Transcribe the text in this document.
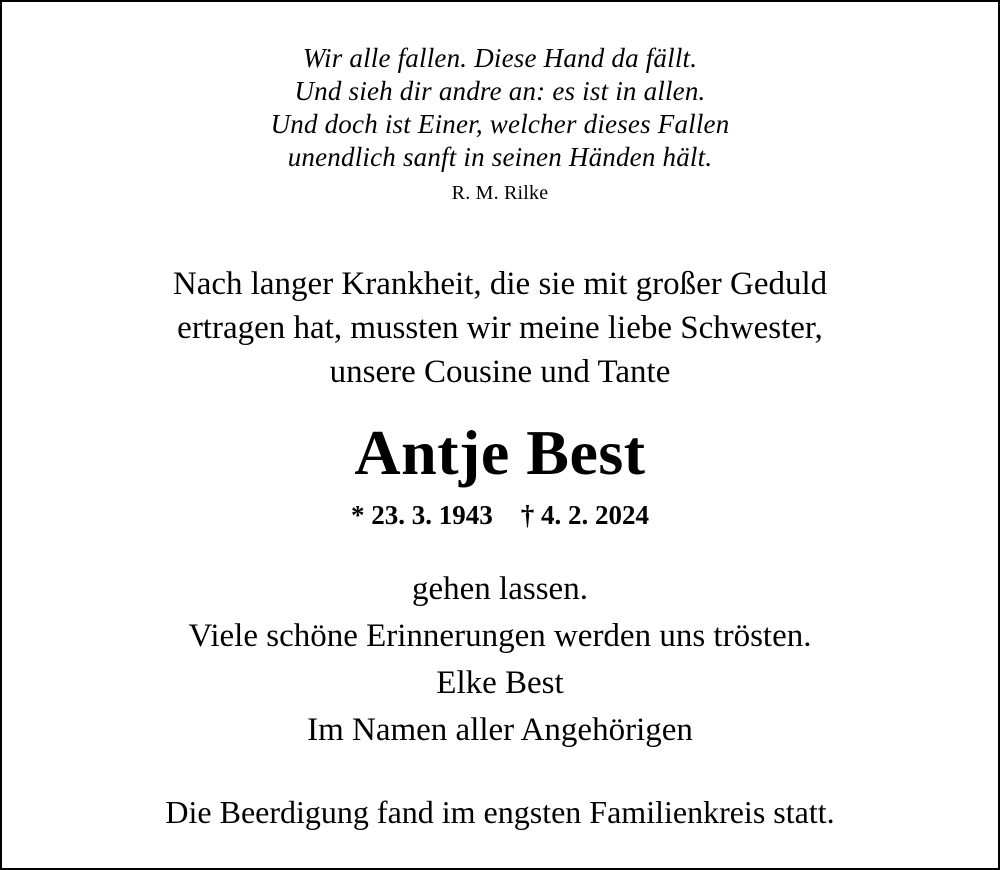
Wir alle fallen. Diese Hand da fällt.
Und sieh dir andre an: es ist in allen.
Und doch ist Einer, welcher dieses Fallen
unendlich sanft in seinen Händen hält.
R. M. Rilke
Nach langer Krankheit, die sie mit großer Geduld
ertragen hat, mussten wir meine liebe Schwester,
unsere Cousine und Tante
Antje Best
* 23. 3. 1943 † 4. 2. 2024
gehen lassen.
Viele schöne Erinnerungen werden uns trösten.
Elke Best
Im Namen aller Angehörigen
Die Beerdigung fand im engsten Familienkreis statt.
